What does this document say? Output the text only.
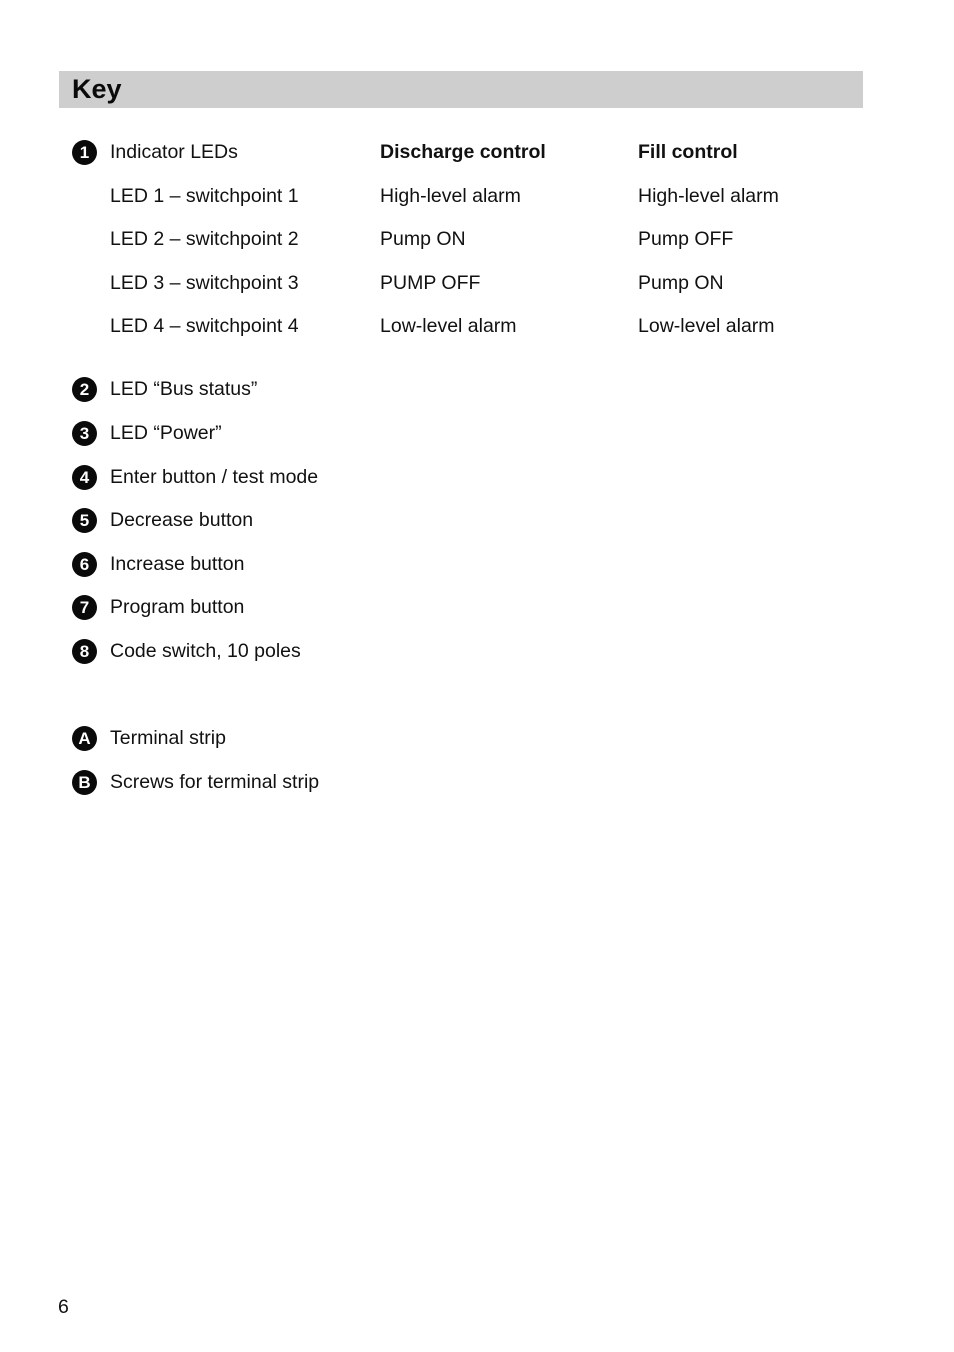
Key
1	Indicator LEDs	Discharge control	Fill control
LED 1 – switchpoint 1	High-level alarm	High-level alarm
LED 2 – switchpoint 2	Pump ON	Pump OFF
LED 3 – switchpoint 3	PUMP OFF	Pump ON
LED 4 – switchpoint 4	Low-level alarm	Low-level alarm
2	LED “Bus status”
3	LED “Power”
4	Enter button / test mode
5	Decrease button
6	Increase button
7	Program button
8	Code switch, 10 poles
A Terminal strip
B Screws for terminal strip
6
